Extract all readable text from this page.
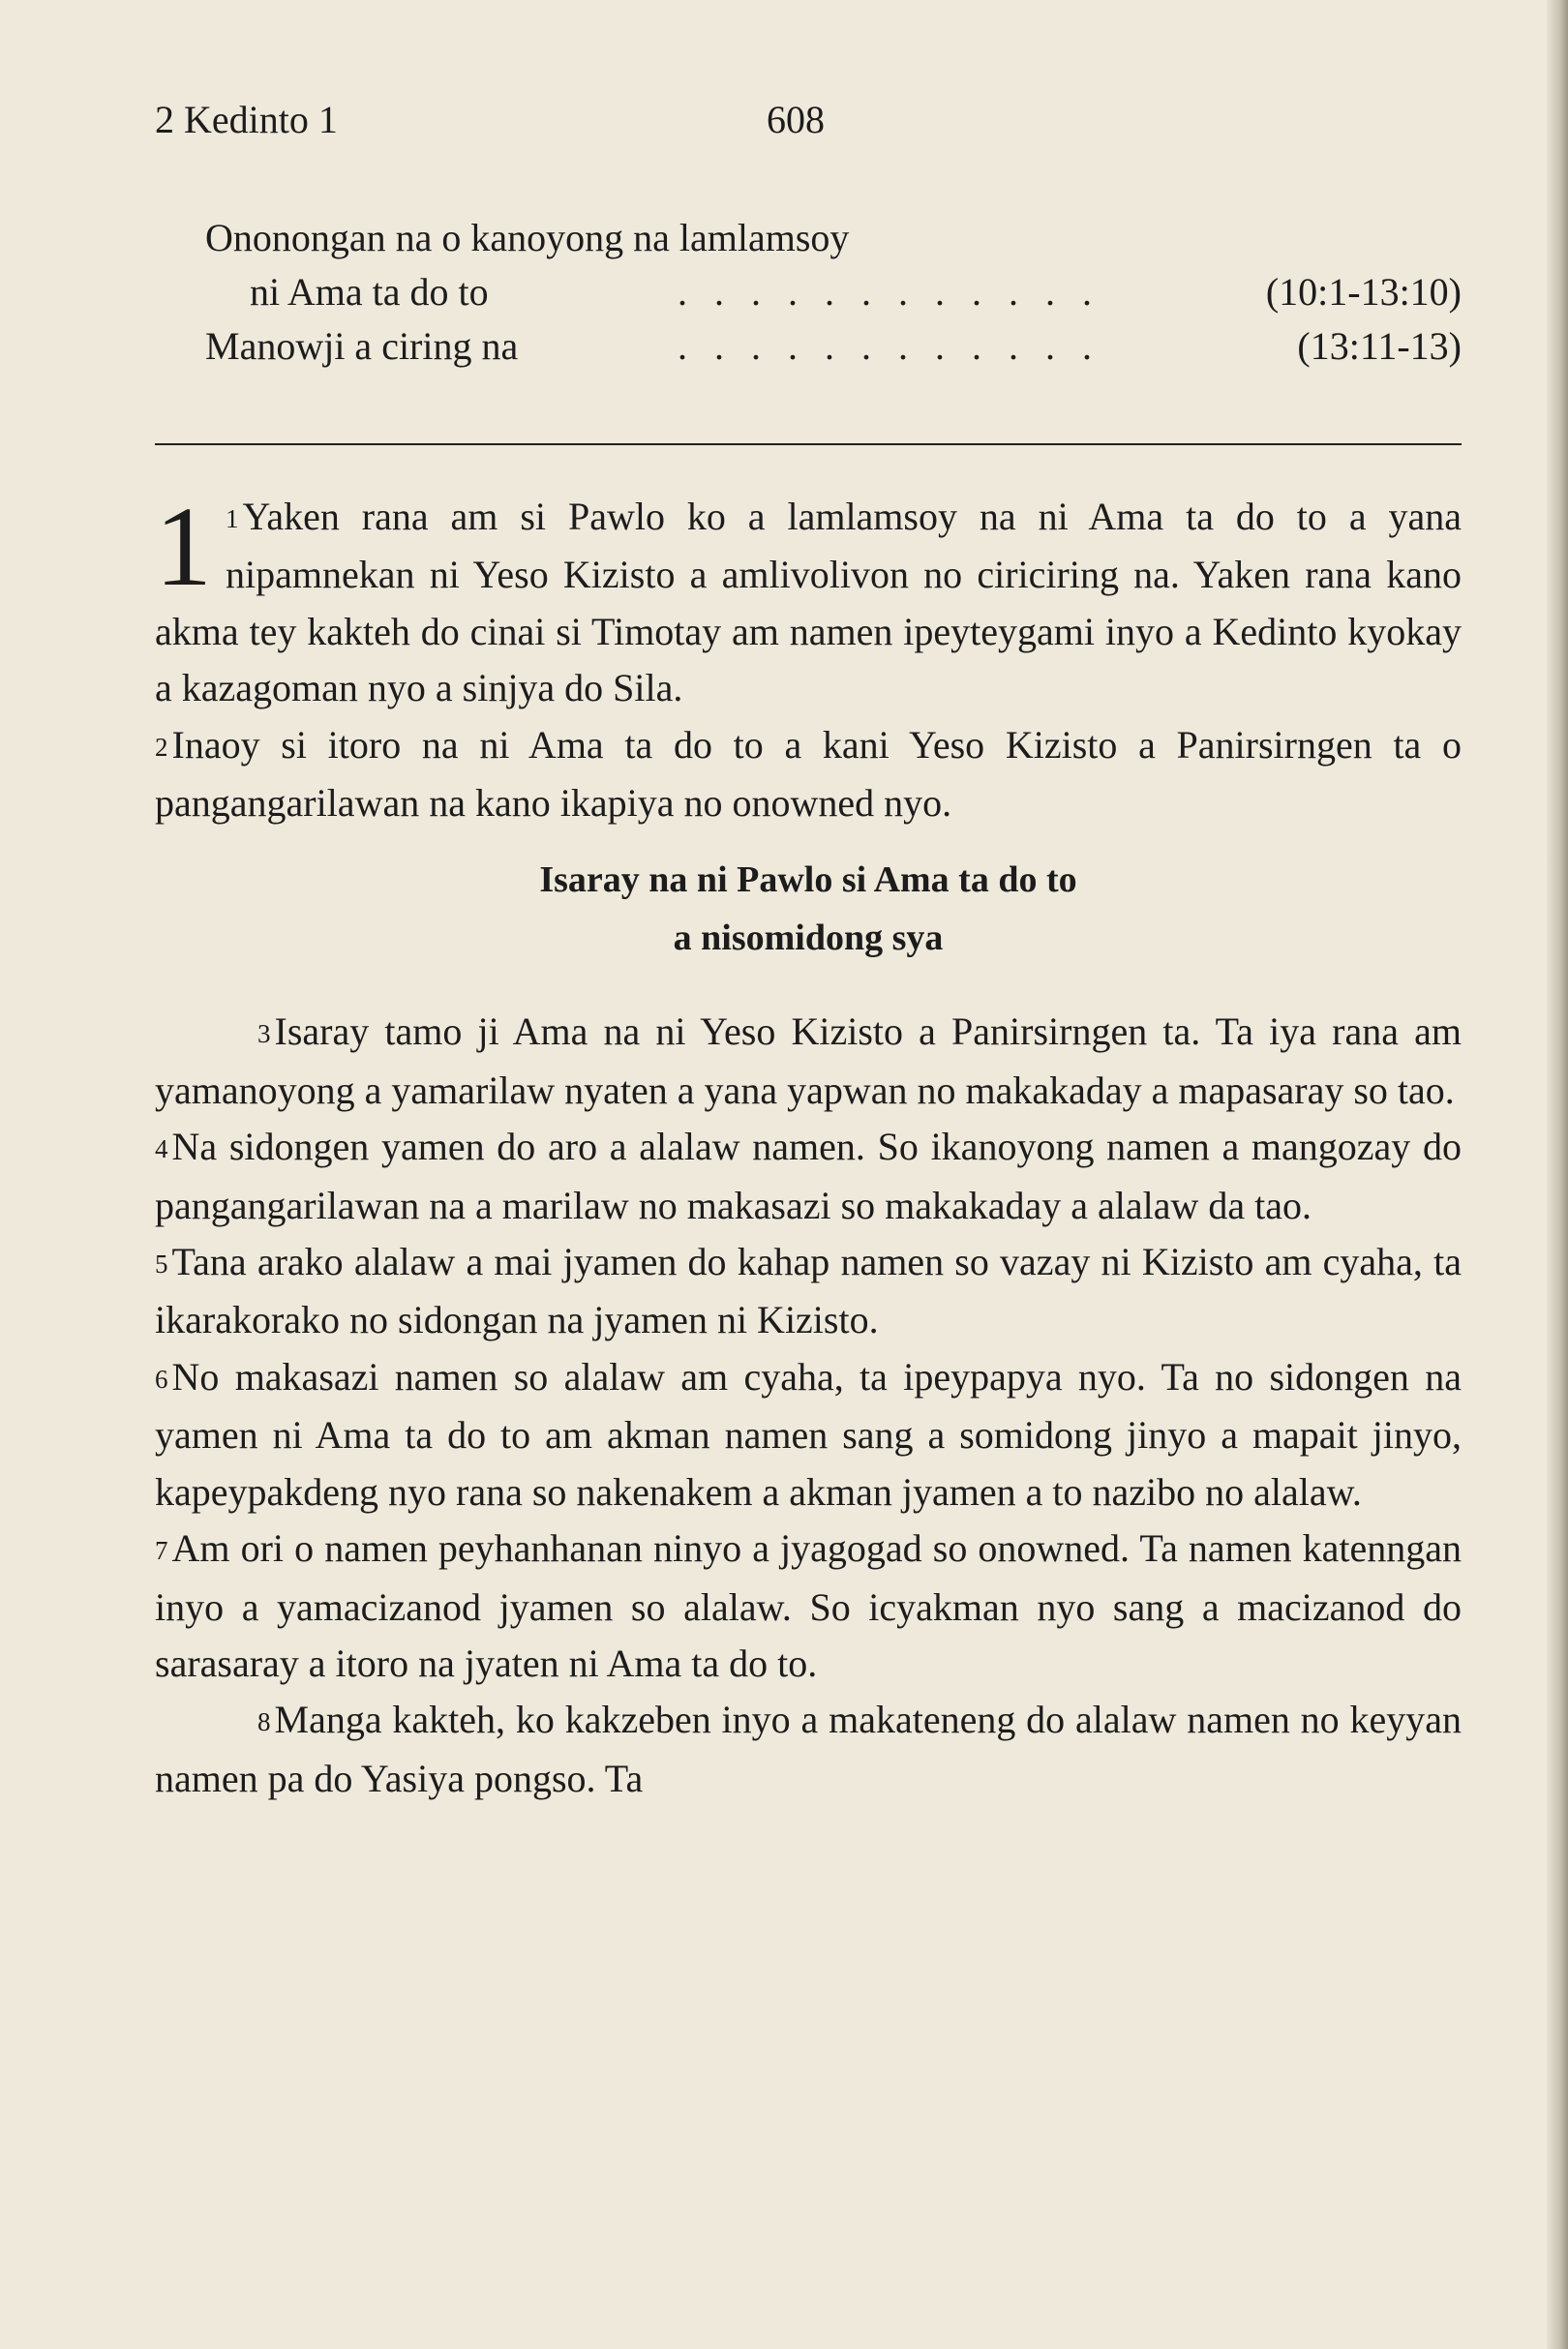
2 Kedinto 1	608
Ononongan na o kanoyong na lamlamsoy
ni Ama ta do to	. . . . . . . . . . . .	(10:1-13:10)
Manowji a ciring na	. . . . . . . . . . . .	(13:11-13)

1 1 Yaken rana am si Pawlo ko a lamlamsoy na ni Ama ta do to a yana nipamnekan ni Yeso Kizisto a amlivolivon no ciriciring na. Yaken rana kano akma tey kakteh do cinai si Timotay am namen ipeyteygami inyo a Kedinto kyokay a kazagoman nyo a sinjya do Sila.

2 Inaoy si itoro na ni Ama ta do to a kani Yeso Kizisto a Panirsirngen ta o pangangarilawan na kano ikapiya no onowned nyo.

Isaray na ni Pawlo si Ama ta do to
a nisomidong sya

3 Isaray tamo ji Ama na ni Yeso Kizisto a Panirsirngen ta. Ta iya rana am yamanoyong a yamarilaw nyaten a yana yapwan no makakaday a mapasaray so tao.

4 Na sidongen yamen do aro a alalaw namen. So ikanoyong namen a mangozay do pangangarilawan na a marilaw no makasazi so makakaday a alalaw da tao.

5 Tana arako alalaw a mai jyamen do kahap namen so vazay ni Kizisto am cyaha, ta ikarakorako no sidongan na jyamen ni Kizisto.

6 No makasazi namen so alalaw am cyaha, ta ipeypapya nyo. Ta no sidongen na yamen ni Ama ta do to am akman namen sang a somidong jinyo a mapait jinyo, kapeypakdeng nyo rana so nakenakem a akman jyamen a to nazibo no alalaw.

7 Am ori o namen peyhanhanan ninyo a jyagogad so onowned. Ta namen katenngan inyo a yamacizanod jyamen so alalaw. So icyakman nyo sang a macizanod do sarasaray a itoro na jyaten ni Ama ta do to.

8 Manga kakteh, ko kakzeben inyo a makateneng do alalaw namen no keyyan namen pa do Yasiya pongso. Ta
